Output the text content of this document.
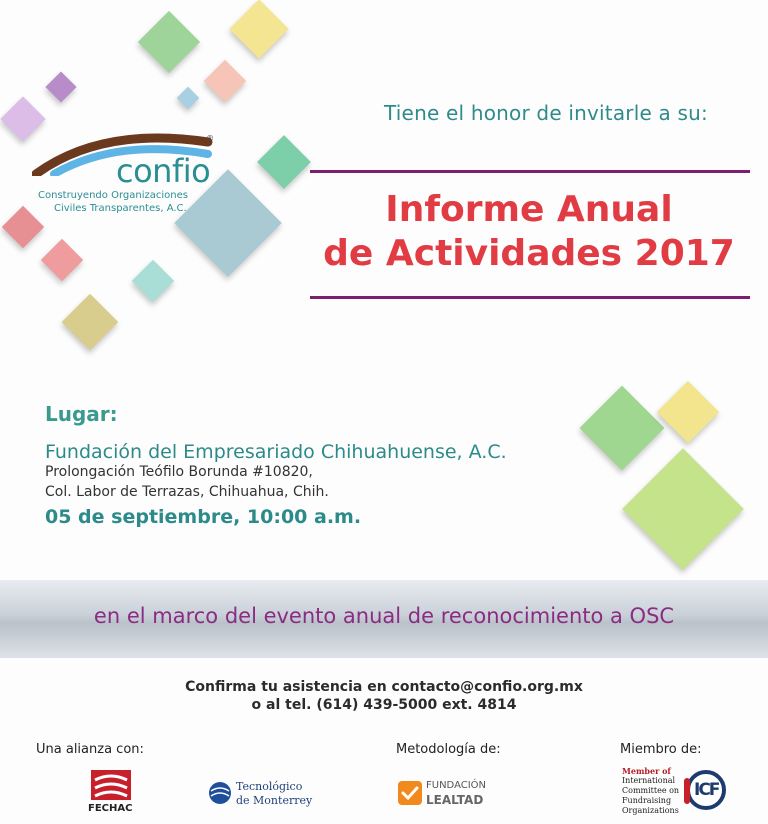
®
confio
Construyendo Organizaciones
Civiles Transparentes, A.C.
Tiene el honor de invitarle a su:
Informe Anual
de Actividades 2017
Lugar:
Fundación del Empresariado Chihuahuense, A.C.
Prolongación Teófilo Borunda #10820,
Col. Labor de Terrazas, Chihuahua, Chih.
05 de septiembre, 10:00 a.m.
en el marco del evento anual de reconocimiento a OSC
Confirma tu asistencia en contacto@confio.org.mx
o al tel. (614) 439-5000 ext. 4814
Una alianza con:	Metodología de:	Miembro de:
FECHAC
Tecnológico
de Monterrey
FUNDACIÓN
LEALTAD
Member of
International
Committee on
Fundraising
Organizations
ICF
